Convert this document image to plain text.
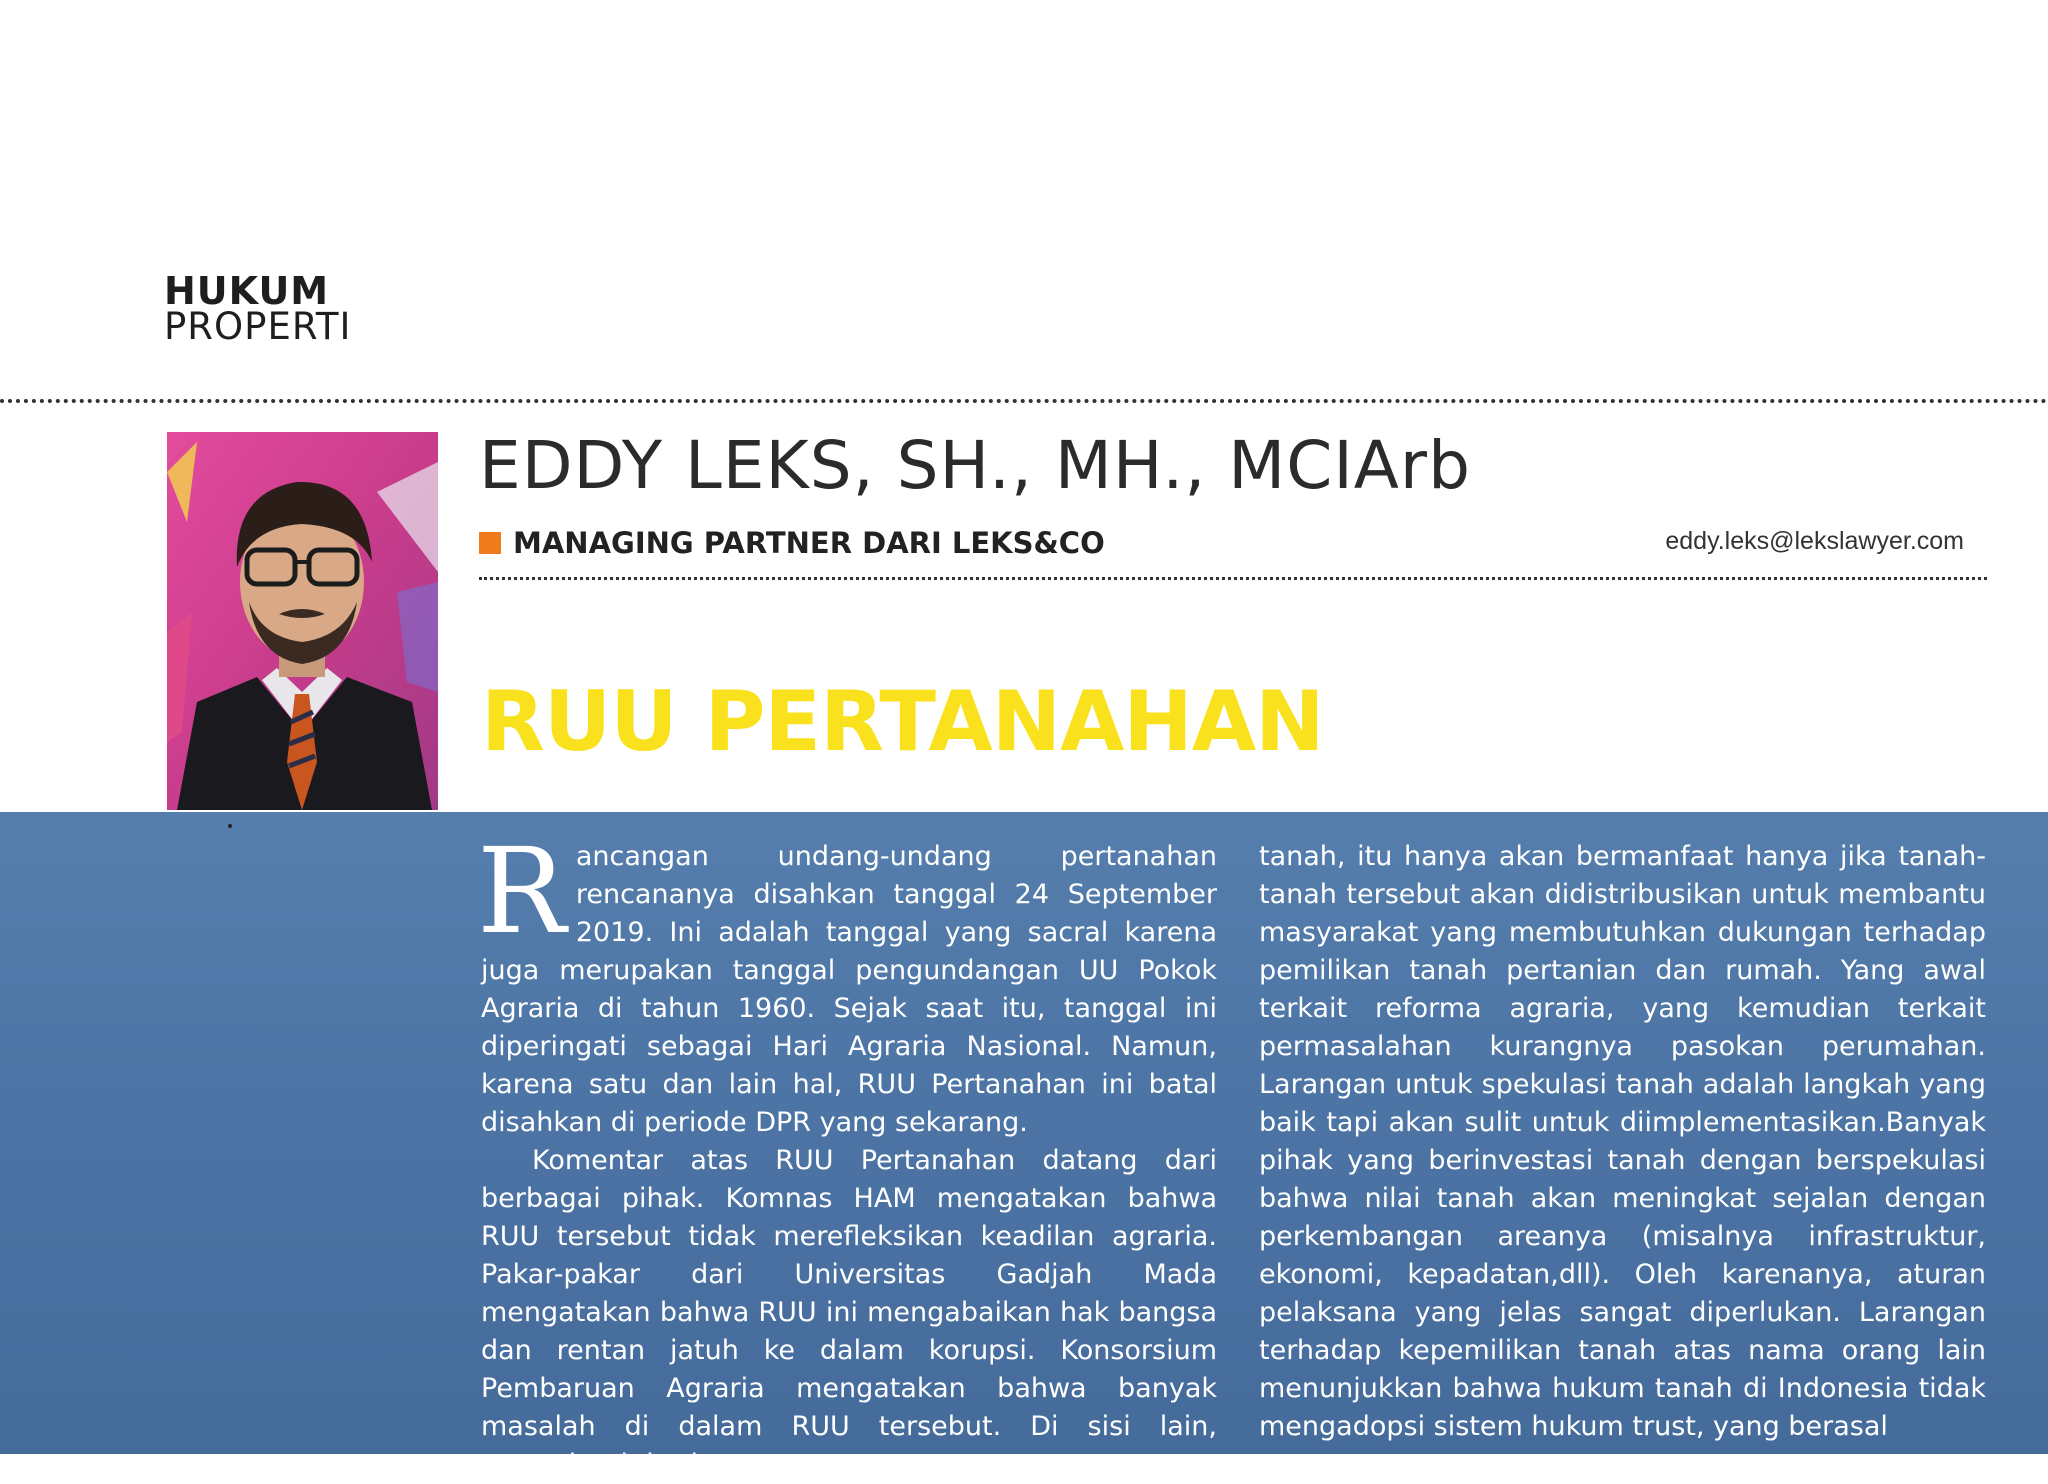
HUKUM
PROPERTI
EDDY LEKS, SH., MH., MCIArb
MANAGING PARTNER DARI LEKS&CO	eddy.leks@lekslawyer.com
RUU PERTANAHAN

Rancangan undang-undang pertanahan rencananya disahkan tanggal 24 September 2019. Ini adalah tanggal yang sacral karena juga merupakan tanggal pengundangan UU Pokok Agraria di tahun 1960. Sejak saat itu, tanggal ini diperingati sebagai Hari Agraria Nasional. Namun, karena satu dan lain hal, RUU Pertanahan ini batal disahkan di periode DPR yang sekarang.

Komentar atas RUU Pertanahan datang dari berbagai pihak. Komnas HAM mengatakan bahwa RUU tersebut tidak merefleksikan keadilan agraria. Pakar-pakar dari Universitas Gadjah Mada mengatakan bahwa RUU ini mengabaikan hak bangsa dan rentan jatuh ke dalam korupsi. Konsorsium Pembaruan Agraria mengatakan bahwa banyak masalah di dalam RUU tersebut. Di sisi lain, pemerintah berharap agar

tanah, itu hanya akan bermanfaat hanya jika tanah-tanah tersebut akan didistribusikan untuk membantu masyarakat yang membutuhkan dukungan terhadap pemilikan tanah pertanian dan rumah. Yang awal terkait reforma agraria, yang kemudian terkait permasalahan kurangnya pasokan perumahan. Larangan untuk spekulasi tanah adalah langkah yang baik tapi akan sulit untuk diimplementasikan.Banyak pihak yang berinvestasi tanah dengan berspekulasi bahwa nilai tanah akan meningkat sejalan dengan perkembangan areanya (misalnya infrastruktur, ekonomi, kepadatan,dll). Oleh karenanya, aturan pelaksana yang jelas sangat diperlukan. Larangan terhadap kepemilikan tanah atas nama orang lain menunjukkan bahwa hukum tanah di Indonesia tidak mengadopsi sistem hukum trust, yang berasal
